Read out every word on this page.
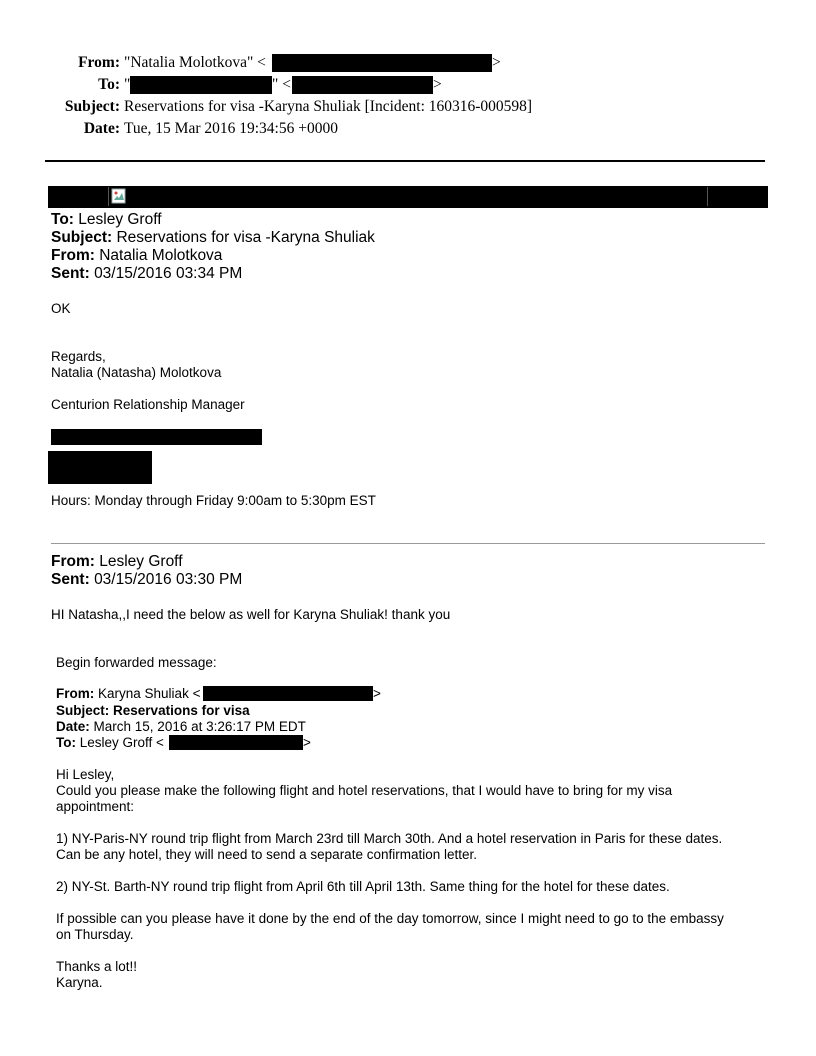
From: "Natalia Molotkova" <	>
To: "	" <	>
Subject: Reservations for visa -Karyna Shuliak [Incident: 160316-000598]
Date: Tue, 15 Mar 2016 19:34:56 +0000
To: Lesley Groff
Subject: Reservations for visa -Karyna Shuliak
From: Natalia Molotkova
Sent: 03/15/2016 03:34 PM
OK
Regards,
Natalia (Natasha) Molotkova
Centurion Relationship Manager
Hours: Monday through Friday 9:00am to 5:30pm EST
From: Lesley Groff
Sent: 03/15/2016 03:30 PM
HI Natasha,,I need the below as well for Karyna Shuliak! thank you
Begin forwarded message:
From: Karyna Shuliak <	>
Subject: Reservations for visa
Date: March 15, 2016 at 3:26:17 PM EDT
To: Lesley Groff <	>
Hi Lesley,
Could you please make the following flight and hotel reservations, that I would have to bring for my visa
appointment:
1) NY-Paris-NY round trip flight from March 23rd till March 30th. And a hotel reservation in Paris for these dates.
Can be any hotel, they will need to send a separate confirmation letter.
2) NY-St. Barth-NY round trip flight from April 6th till April 13th. Same thing for the hotel for these dates.
If possible can you please have it done by the end of the day tomorrow, since I might need to go to the embassy
on Thursday.
Thanks a lot!!
Karyna.
